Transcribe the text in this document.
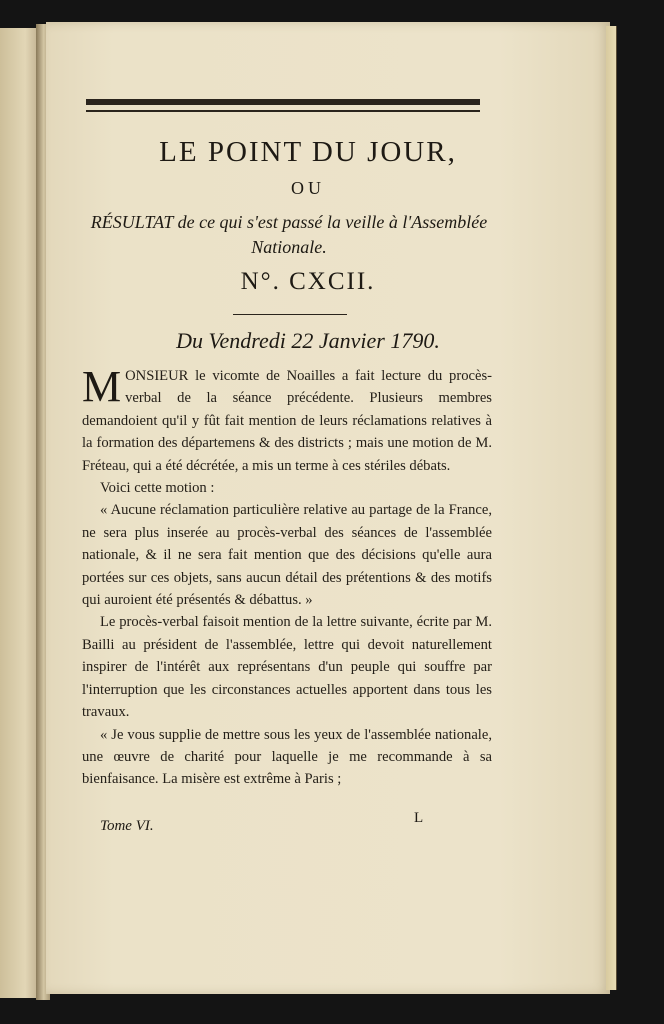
LE POINT DU JOUR,
OU
RÉSULTAT de ce qui s'est passé la veille à l'Assemblée Nationale.
N°. CXCII.
Du Vendredi 22 Janvier 1790.

MONSIEUR le vicomte de Noailles a fait lecture du procès-verbal de la séance précédente. Plusieurs membres demandoient qu'il y fût fait mention de leurs réclamations relatives à la formation des départemens & des districts ; mais une motion de M. Fréteau, qui a été décrétée, a mis un terme à ces stériles débats.

Voici cette motion :

« Aucune réclamation particulière relative au partage de la France, ne sera plus inserée au procès-verbal des séances de l'assemblée nationale, & il ne sera fait mention que des décisions qu'elle aura portées sur ces objets, sans aucun détail des prétentions & des motifs qui auroient été présentés & débattus. »

Le procès-verbal faisoit mention de la lettre suivante, écrite par M. Bailli au président de l'assemblée, lettre qui devoit naturellement inspirer de l'intérêt aux représentans d'un peuple qui souffre par l'interruption que les circonstances actuelles apportent dans tous les travaux.

« Je vous supplie de mettre sous les yeux de l'assemblée nationale, une œuvre de charité pour laquelle je me recommande à sa bienfaisance. La misère est extrême à Paris ;

Tome VI.	L
